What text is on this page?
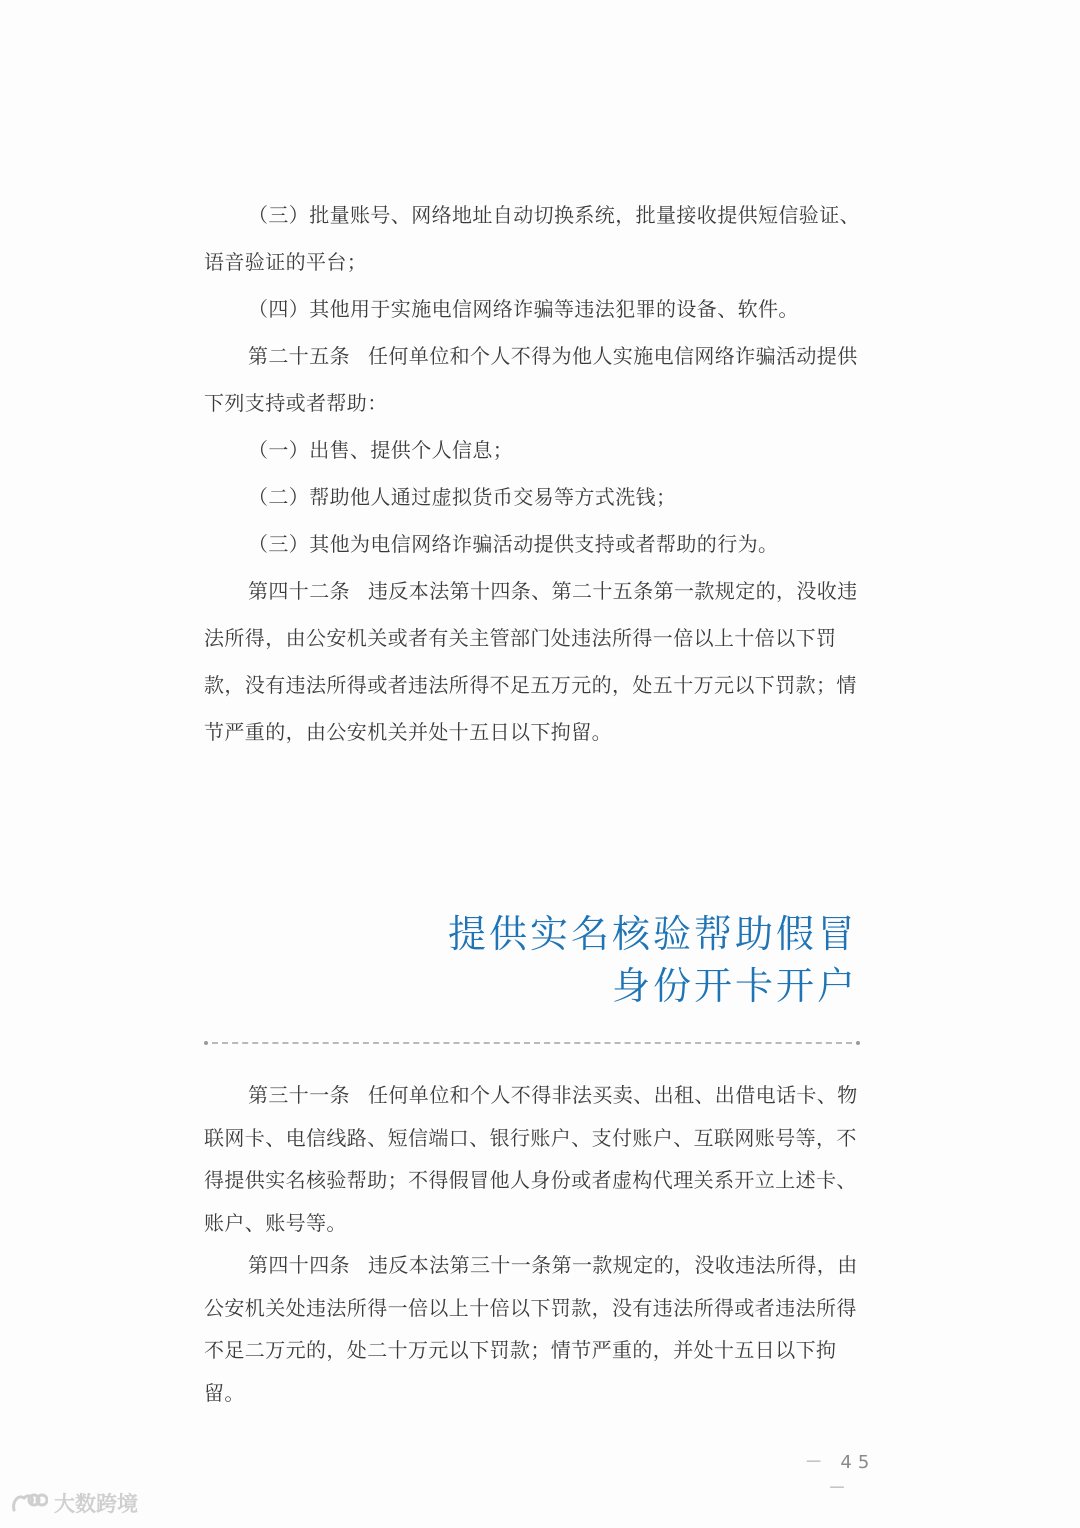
（三）批量账号、网络地址自动切换系统，批量接收提供短信验证、语音验证的平台；

（四）其他用于实施电信网络诈骗等违法犯罪的设备、软件。

第二十五条 任何单位和个人不得为他人实施电信网络诈骗活动提供下列支持或者帮助：

（一）出售、提供个人信息；

（二）帮助他人通过虚拟货币交易等方式洗钱；

（三）其他为电信网络诈骗活动提供支持或者帮助的行为。

第四十二条 违反本法第十四条、第二十五条第一款规定的，没收违法所得，由公安机关或者有关主管部门处违法所得一倍以上十倍以下罚款，没有违法所得或者违法所得不足五万元的，处五十万元以下罚款；情节严重的，由公安机关并处十五日以下拘留。

提供实名核验帮助假冒
身份开卡开户

第三十一条 任何单位和个人不得非法买卖、出租、出借电话卡、物联网卡、电信线路、短信端口、银行账户、支付账户、互联网账号等，不得提供实名核验帮助；不得假冒他人身份或者虚构代理关系开立上述卡、账户、账号等。

第四十四条 违反本法第三十一条第一款规定的，没收违法所得，由公安机关处违法所得一倍以上十倍以下罚款，没有违法所得或者违法所得不足二万元的，处二十万元以下罚款；情节严重的，并处十五日以下拘留。

－ 45 －
大数跨境
